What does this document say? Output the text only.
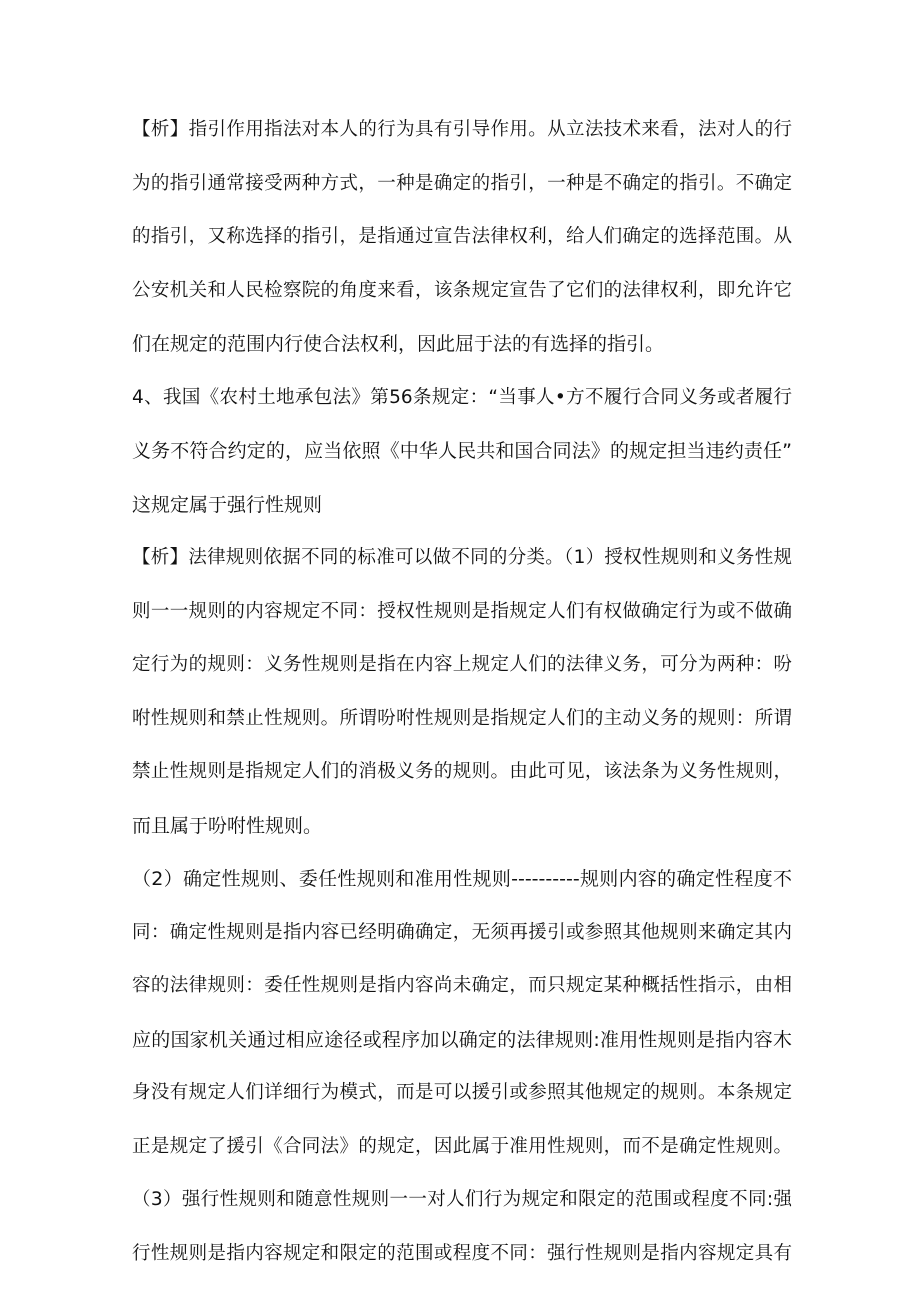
【析】指引作用指法对本人的行为具有引导作用。从立法技术来看，法对人的行
为的指引通常接受两种方式，一种是确定的指引，一种是不确定的指引。不确定
的指引，又称选择的指引，是指通过宣告法律权利，给人们确定的选择范围。从
公安机关和人民检察院的角度来看，该条规定宣告了它们的法律权利，即允许它
们在规定的范围内行使合法权利，因此屈于法的有选择的指引。
4、我国《农村土地承包法》第56条规定：“当事人•方不履行合同义务或者履行
义务不符合约定的，应当依照《中华人民共和国合同法》的规定担当违约责任”
这规定属于强行性规则
【析】法律规则依据不同的标准可以做不同的分类。（1）授权性规则和义务性规
则一一规则的内容规定不同：授权性规则是指规定人们有权做确定行为或不做确
定行为的规则：义务性规则是指在内容上规定人们的法律义务，可分为两种：吩
咐性规则和禁止性规则。所谓吩咐性规则是指规定人们的主动义务的规则：所谓
禁止性规则是指规定人们的消极义务的规则。由此可见，该法条为义务性规则，
而且属于吩咐性规则。
（2）确定性规则、委任性规则和准用性规则----------规则内容的确定性程度不
同：确定性规则是指内容已经明确确定，无须再援引或参照其他规则来确定其内
容的法律规则：委任性规则是指内容尚未确定，而只规定某种概括性指示，由相
应的国家机关通过相应途径或程序加以确定的法律规则:准用性规则是指内容木
身没有规定人们详细行为模式，而是可以援引或参照其他规定的规则。本条规定
正是规定了援引《合同法》的规定，因此属于准用性规则，而不是确定性规则。
（3）强行性规则和随意性规则一一对人们行为规定和限定的范围或程度不同:强
行性规则是指内容规定和限定的范围或程度不同：强行性规则是指内容规定具有
